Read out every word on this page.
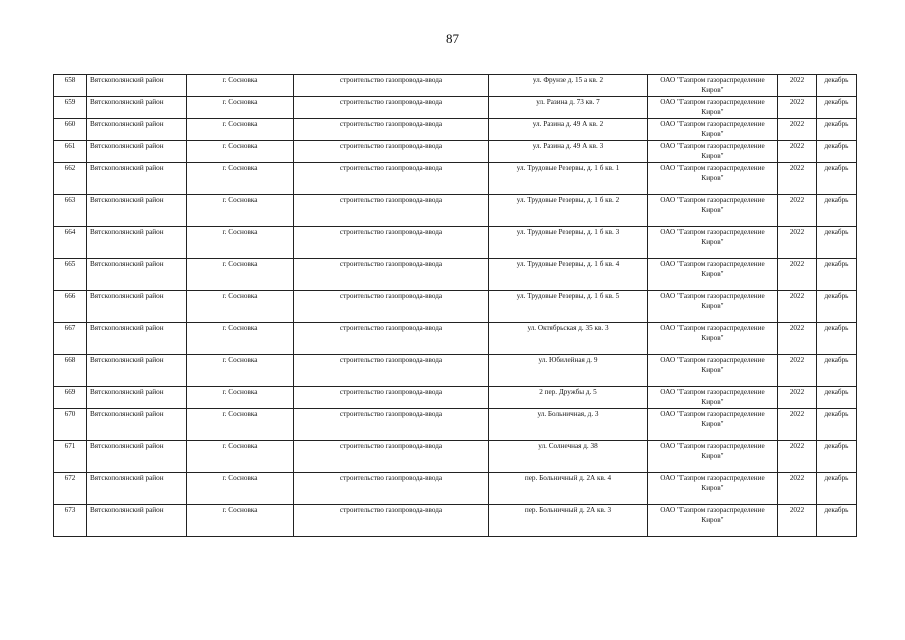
87
658	Вятскополянский район	г. Сосновка	строительство газопровода-ввода	ул. Фрунзе д. 15 а кв. 2	ОАО "Газпром газораспределение Киров"	2022	декабрь
659	Вятскополянский район	г. Сосновка	строительство газопровода-ввода	ул. Разина д. 73 кв. 7	ОАО "Газпром газораспределение Киров"	2022	декабрь
660	Вятскополянский район	г. Сосновка	строительство газопровода-ввода	ул. Разина д. 49 А кв. 2	ОАО "Газпром газораспределение Киров"	2022	декабрь
661	Вятскополянский район	г. Сосновка	строительство газопровода-ввода	ул. Разина д. 49 А кв. 3	ОАО "Газпром газораспределение Киров"	2022	декабрь
662	Вятскополянский район	г. Сосновка	строительство газопровода-ввода	ул. Трудовые Резервы, д. 1 б кв. 1	ОАО "Газпром газораспределение Киров"	2022	декабрь
663	Вятскополянский район	г. Сосновка	строительство газопровода-ввода	ул. Трудовые Резервы, д. 1 б кв. 2	ОАО "Газпром газораспределение Киров"	2022	декабрь
664	Вятскополянский район	г. Сосновка	строительство газопровода-ввода	ул. Трудовые Резервы, д. 1 б кв. 3	ОАО "Газпром газораспределение Киров"	2022	декабрь
665	Вятскополянский район	г. Сосновка	строительство газопровода-ввода	ул. Трудовые Резервы, д. 1 б кв. 4	ОАО "Газпром газораспределение Киров"	2022	декабрь
666	Вятскополянский район	г. Сосновка	строительство газопровода-ввода	ул. Трудовые Резервы, д. 1 б кв. 5	ОАО "Газпром газораспределение Киров"	2022	декабрь
667	Вятскополянский район	г. Сосновка	строительство газопровода-ввода	ул. Октябрьская д. 35 кв. 3	ОАО "Газпром газораспределение Киров"	2022	декабрь
668	Вятскополянский район	г. Сосновка	строительство газопровода-ввода	ул. Юбилейная д. 9	ОАО "Газпром газораспределение Киров"	2022	декабрь
669	Вятскополянский район	г. Сосновка	строительство газопровода-ввода	2 пер. Дружбы д. 5	ОАО "Газпром газораспределение Киров"	2022	декабрь
670	Вятскополянский район	г. Сосновка	строительство газопровода-ввода	ул. Больничная, д. 3	ОАО "Газпром газораспределение Киров"	2022	декабрь
671	Вятскополянский район	г. Сосновка	строительство газопровода-ввода	ул. Солнечная д. 38	ОАО "Газпром газораспределение Киров"	2022	декабрь
672	Вятскополянский район	г. Сосновка	строительство газопровода-ввода	пер. Больничный д. 2А кв. 4	ОАО "Газпром газораспределение Киров"	2022	декабрь
673	Вятскополянский район	г. Сосновка	строительство газопровода-ввода	пер. Больничный д. 2А кв. 3	ОАО "Газпром газораспределение Киров"	2022	декабрь
